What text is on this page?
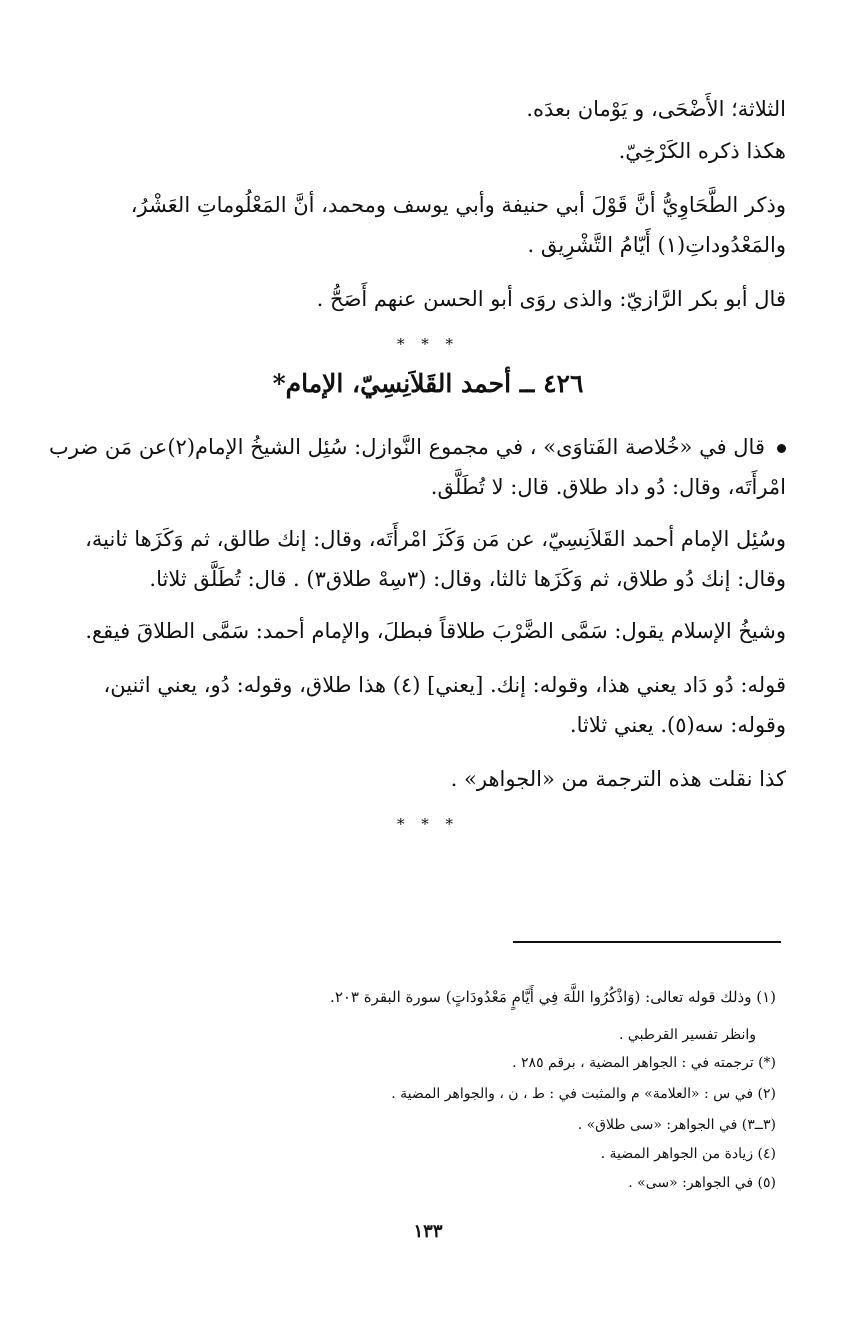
الثلاثة؛ الأَضْحَى، و يَوْمان بعدَه.
هكذا ذكره الكَرْخِيّ.
وذكر الطَّحَاوِيُّ أنَّ قَوْلَ أبي حنيفة وأبي يوسف ومحمد، أنَّ المَعْلُوماتِ العَشْرُ،
والمَعْدُوداتِ(١) أَيّامُ التَّشْرِيق .
قال أبو بكر الرَّازيّ: والذى روَى أبو الحسن عنهم أَصَحُّ .
* * *
٤٢٦ ــ أحمد القَلاَنِسِيّ، الإمام*
قال في «خُلاصة الفَتاوَى» ، في مجموع النَّوازل: سُئِل الشيخُ الإمام(٢)عن مَن ضرب
امْرأَتَه، وقال: دُو داد طلاق. قال: لا تُطَلَّق.
وسُئِل الإمام أحمد القَلاَنِسِيّ، عن مَن وَكَزَ امْرأَتَه، وقال: إنك طالق، ثم وَكَزَها ثانية،
وقال: إنك دُو طلاق، ثم وَكَزَها ثالثا، وقال: (٣سِهْ طلاق٣) . قال: تُطَلَّق ثلاثا.
وشيخُ الإسلام يقول: سَمَّى الضَّرْبَ طلاقاً فبطلَ، والإمام أحمد: سَمَّى الطلاقَ فيقع.
قوله: دُو دَاد يعني هذا، وقوله: إنك. [يعني] (٤) هذا طلاق، وقوله: دُو، يعني اثنين،
وقوله: سه(٥). يعني ثلاثا.
كذا نقلت هذه الترجمة من «الجواهر» .
* * *
(١) وذلك قوله تعالى: (وَاذْكُرُوا اللَّهَ فِي أَيَّامٍ مَعْدُودَاتٍ) سورة البقرة ٢٠٣.
وانظر تفسير القرطبي .
(*) ترجمته في : الجواهر المضية ، برقم ٢٨٥ .
(٢) في س : «العلامة» م والمثبت في : ط ، ن ، والجواهر المضية .
(٣ــ٣) في الجواهر: «سى طلاق» .
(٤) زيادة من الجواهر المضية .
(٥) في الجواهر: «سى» .
١٣٣
